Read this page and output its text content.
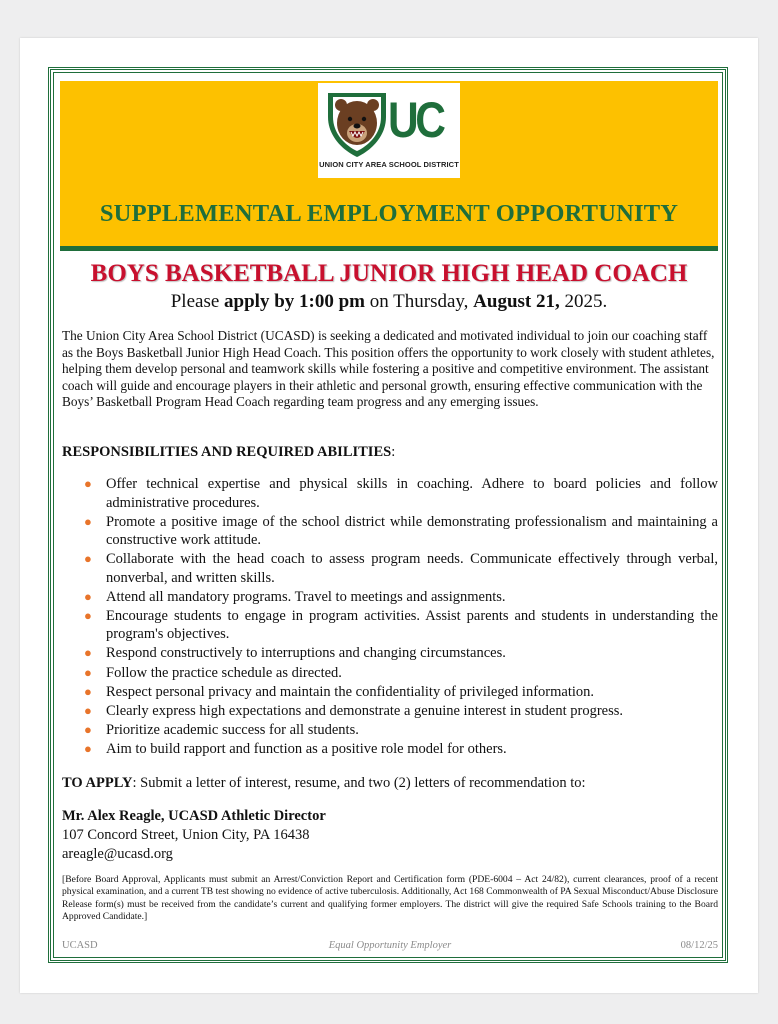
UC
UNION CITY AREA SCHOOL DISTRICT
SUPPLEMENTAL EMPLOYMENT OPPORTUNITY
BOYS BASKETBALL JUNIOR HIGH HEAD COACH
Please apply by 1:00 pm on Thursday, August 21, 2025.
The Union City Area School District (UCASD) is seeking a dedicated and motivated individual to join our coaching staff as the Boys Basketball Junior High Head Coach. This position offers the opportunity to work closely with student athletes, helping them develop personal and teamwork skills while fostering a positive and competitive environment. The assistant coach will guide and encourage players in their athletic and personal growth, ensuring effective communication with the Boys’ Basketball Program Head Coach regarding team progress and any emerging issues.
RESPONSIBILITIES AND REQUIRED ABILITIES:
● Offer technical expertise and physical skills in coaching. Adhere to board policies and follow administrative procedures.
● Promote a positive image of the school district while demonstrating professionalism and maintaining a constructive work attitude.
● Collaborate with the head coach to assess program needs. Communicate effectively through verbal, nonverbal, and written skills.
● Attend all mandatory programs. Travel to meetings and assignments.
● Encourage students to engage in program activities. Assist parents and students in understanding the program's objectives.
● Respond constructively to interruptions and changing circumstances.
● Follow the practice schedule as directed.
● Respect personal privacy and maintain the confidentiality of privileged information.
● Clearly express high expectations and demonstrate a genuine interest in student progress.
● Prioritize academic success for all students.
● Aim to build rapport and function as a positive role model for others.
TO APPLY: Submit a letter of interest, resume, and two (2) letters of recommendation to:
Mr. Alex Reagle, UCASD Athletic Director
107 Concord Street, Union City, PA 16438
areagle@ucasd.org
[Before Board Approval, Applicants must submit an Arrest/Conviction Report and Certification form (PDE-6004 – Act 24/82), current clearances, proof of a recent physical examination, and a current TB test showing no evidence of active tuberculosis. Additionally, Act 168 Commonwealth of PA Sexual Misconduct/Abuse Disclosure Release form(s) must be received from the candidate’s current and qualifying former employers. The district will give the required Safe Schools training to the Board Approved Candidate.]
Equal Opportunity Employer
UCASD	08/12/25
